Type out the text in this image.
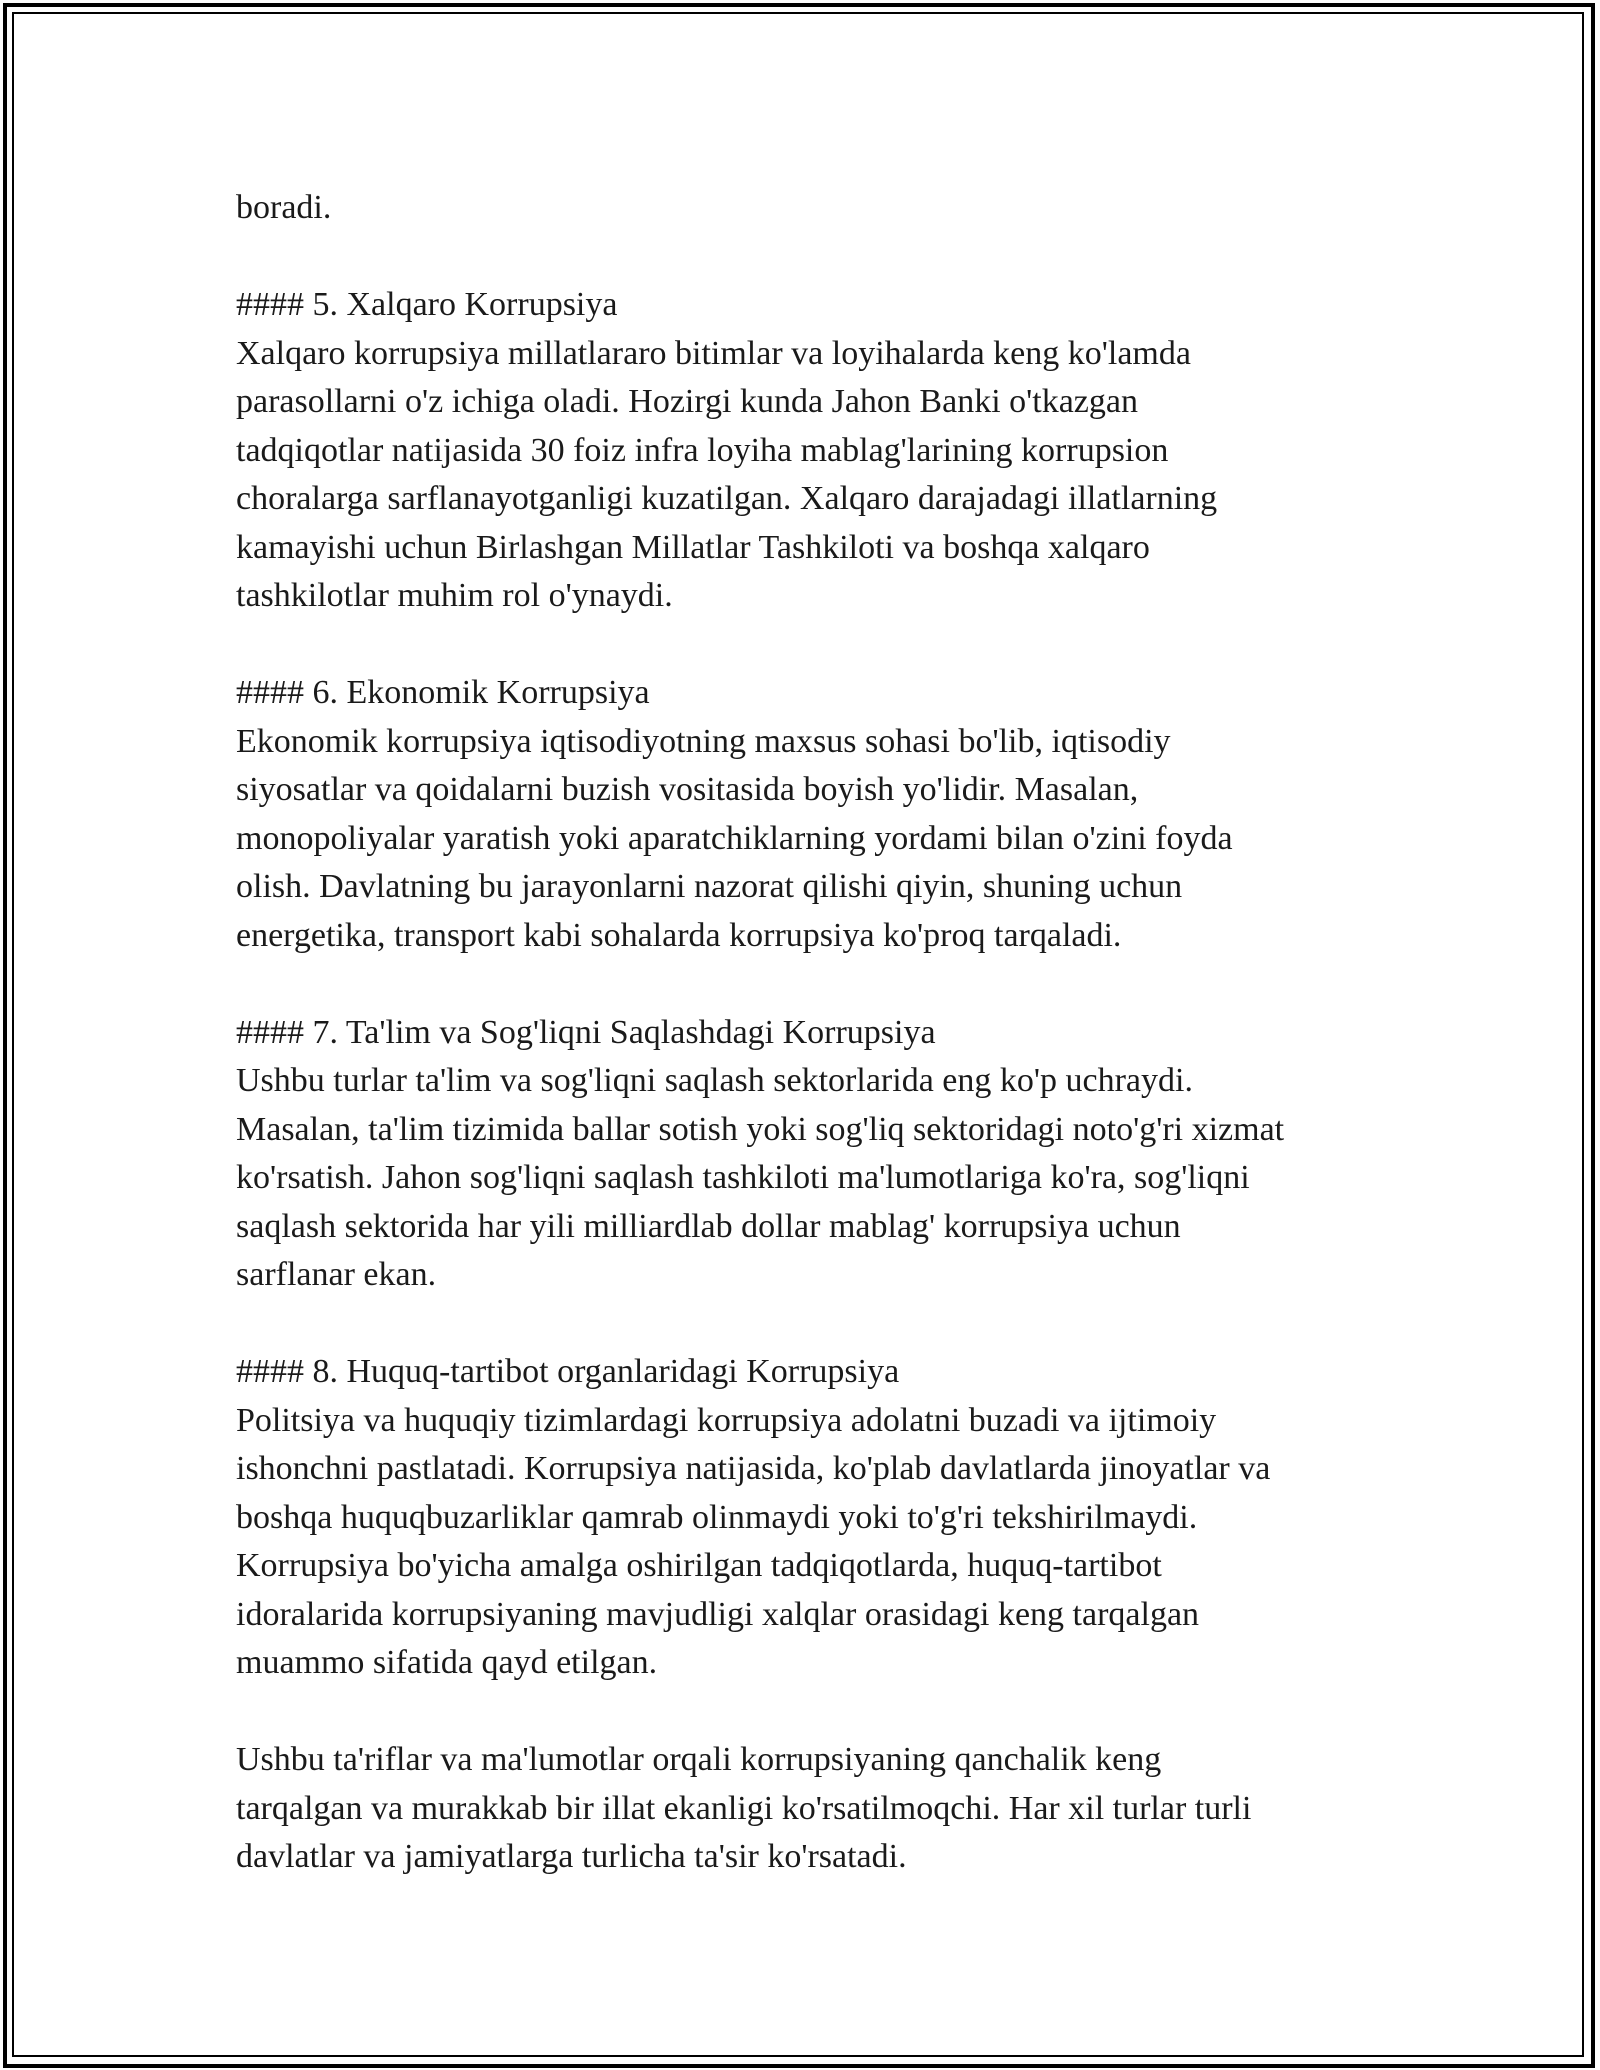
boradi.

#### 5. Xalqaro Korrupsiya

Xalqaro korrupsiya millatlararo bitimlar va loyihalarda keng ko'lamda
parasollarni o'z ichiga oladi. Hozirgi kunda Jahon Banki o'tkazgan
tadqiqotlar natijasida 30 foiz infra loyiha mablag'larining korrupsion
choralarga sarflanayotganligi kuzatilgan. Xalqaro darajadagi illatlarning
kamayishi uchun Birlashgan Millatlar Tashkiloti va boshqa xalqaro
tashkilotlar muhim rol o'ynaydi.

#### 6. Ekonomik Korrupsiya

Ekonomik korrupsiya iqtisodiyotning maxsus sohasi bo'lib, iqtisodiy
siyosatlar va qoidalarni buzish vositasida boyish yo'lidir. Masalan,
monopoliyalar yaratish yoki aparatchiklarning yordami bilan o'zini foyda
olish. Davlatning bu jarayonlarni nazorat qilishi qiyin, shuning uchun
energetika, transport kabi sohalarda korrupsiya ko'proq tarqaladi.

#### 7. Ta'lim va Sog'liqni Saqlashdagi Korrupsiya

Ushbu turlar ta'lim va sog'liqni saqlash sektorlarida eng ko'p uchraydi.
Masalan, ta'lim tizimida ballar sotish yoki sog'liq sektoridagi noto'g'ri xizmat
ko'rsatish. Jahon sog'liqni saqlash tashkiloti ma'lumotlariga ko'ra, sog'liqni
saqlash sektorida har yili milliardlab dollar mablag' korrupsiya uchun
sarflanar ekan.

#### 8. Huquq-tartibot organlaridagi Korrupsiya

Politsiya va huquqiy tizimlardagi korrupsiya adolatni buzadi va ijtimoiy
ishonchni pastlatadi. Korrupsiya natijasida, ko'plab davlatlarda jinoyatlar va
boshqa huquqbuzarliklar qamrab olinmaydi yoki to'g'ri tekshirilmaydi.
Korrupsiya bo'yicha amalga oshirilgan tadqiqotlarda, huquq-tartibot
idoralarida korrupsiyaning mavjudligi xalqlar orasidagi keng tarqalgan
muammo sifatida qayd etilgan.

Ushbu ta'riflar va ma'lumotlar orqali korrupsiyaning qanchalik keng
tarqalgan va murakkab bir illat ekanligi ko'rsatilmoqchi. Har xil turlar turli
davlatlar va jamiyatlarga turlicha ta'sir ko'rsatadi.
